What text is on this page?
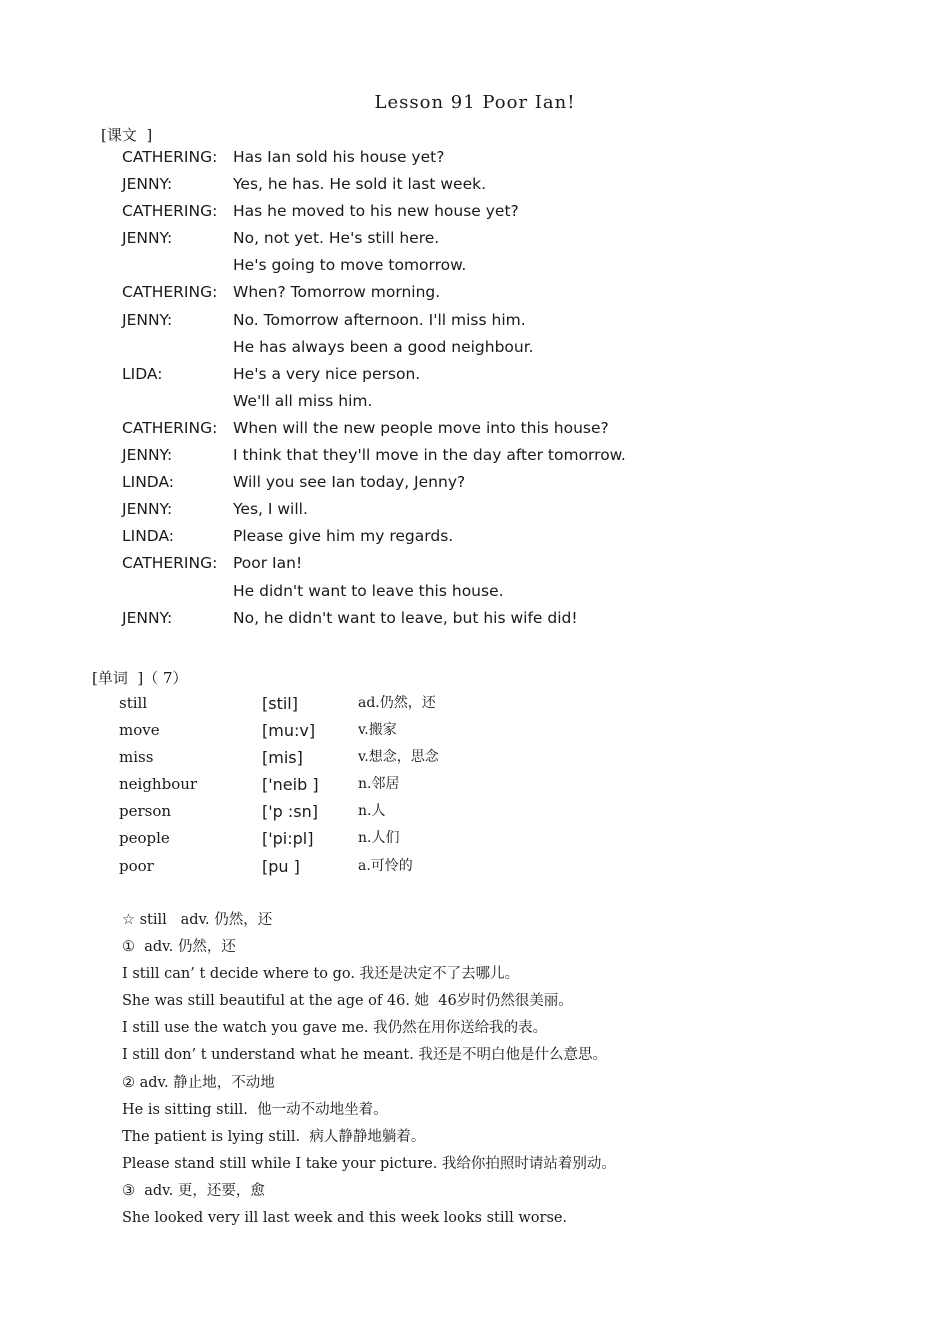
Lesson 91 Poor Ian!
[课文  ]
CATHERING: Has Ian sold his house yet?
JENNY:	Yes, he has. He sold it last week.
CATHERING: Has he moved to his new house yet?
JENNY:	No, not yet. He's still here.
He's going to move tomorrow.
CATHERING: When? Tomorrow morning.
JENNY:	No. Tomorrow afternoon. I'll miss him.
He has always been a good neighbour.
LIDA:	He's a very nice person.
We'll all miss him.
CATHERING: When will the new people move into this house?
JENNY:	I think that they'll move in the day after tomorrow.
LINDA:	Will you see Ian today, Jenny?
JENNY:	Yes, I will.
LINDA:	Please give him my regards.
CATHERING: Poor Ian!
He didn't want to leave this house.
JENNY:	No, he didn't want to leave, but his wife did!
[单词  ]（ 7）
still	[stil]	ad.仍然，还
move	[mu:v]	v.搬家
miss	[mis]	v.想念，思念
neighbour	['neib ]	n.邻居
person	['p :sn]	n.人
people	['pi:pl]	n.人们
poor	[pu ]	a.可怜的
☆ still   adv. 仍然，还
①  adv. 仍然，还
I still can’ t decide where to go. 我还是决定不了去哪儿。
She was still beautiful at the age of 46. 她  46岁时仍然很美丽。
I still use the watch you gave me. 我仍然在用你送给我的表。
I still don’ t understand what he meant. 我还是不明白他是什么意思。
② adv. 静止地，不动地
He is sitting still.  他一动不动地坐着。
The patient is lying still.  病人静静地躺着。
Please stand still while I take your picture. 我给你拍照时请站着别动。
③  adv. 更，还要，愈
She looked very ill last week and this week looks still worse.
